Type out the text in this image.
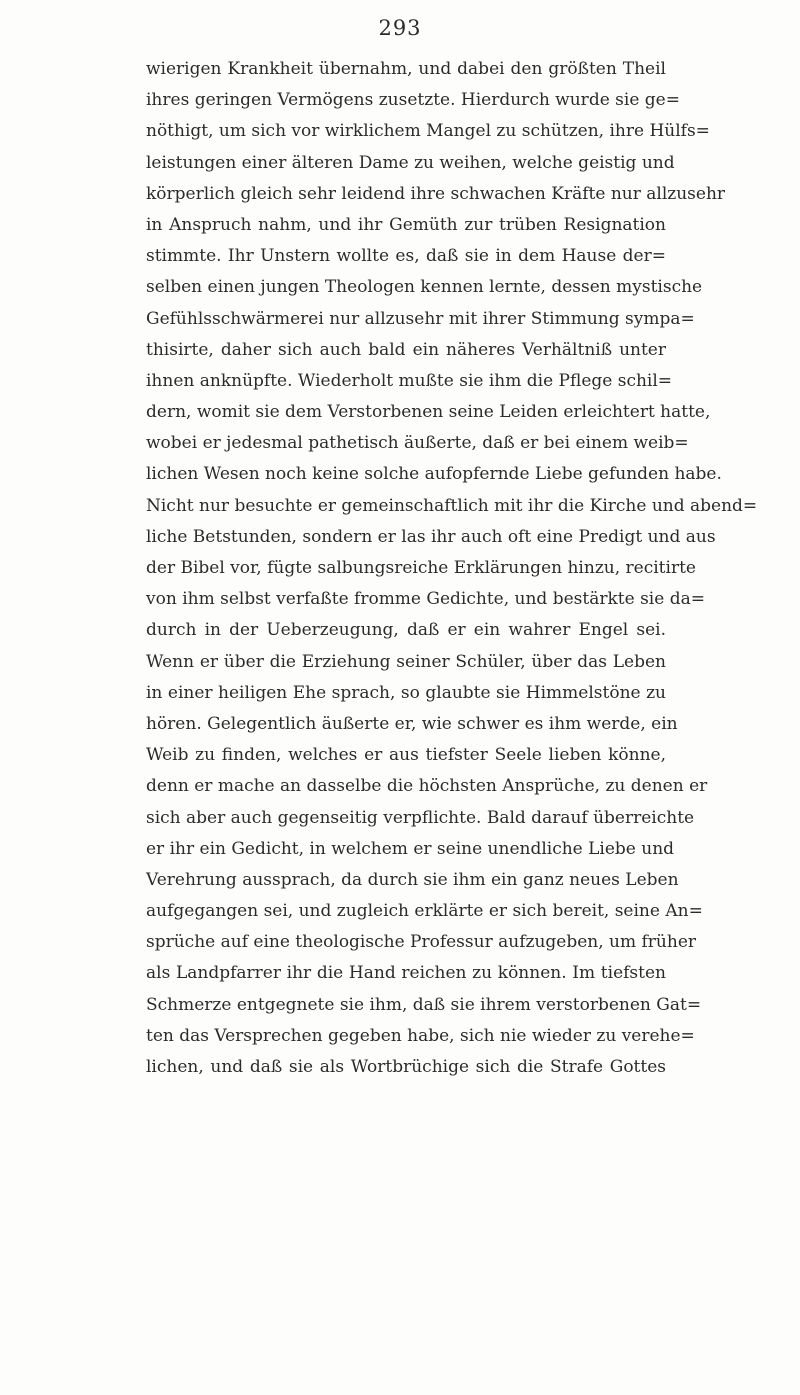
293
wierigen Krankheit übernahm, und dabei den größten Theil
ihres geringen Vermögens zusetzte. Hierdurch wurde sie ge=
nöthigt, um sich vor wirklichem Mangel zu schützen, ihre Hülfs=
leistungen einer älteren Dame zu weihen, welche geistig und
körperlich gleich sehr leidend ihre schwachen Kräfte nur allzusehr
in Anspruch nahm, und ihr Gemüth zur trüben Resignation
stimmte. Ihr Unstern wollte es, daß sie in dem Hause der=
selben einen jungen Theologen kennen lernte, dessen mystische
Gefühlsschwärmerei nur allzusehr mit ihrer Stimmung sympa=
thisirte, daher sich auch bald ein näheres Verhältniß unter
ihnen anknüpfte. Wiederholt mußte sie ihm die Pflege schil=
dern, womit sie dem Verstorbenen seine Leiden erleichtert hatte,
wobei er jedesmal pathetisch äußerte, daß er bei einem weib=
lichen Wesen noch keine solche aufopfernde Liebe gefunden habe.
Nicht nur besuchte er gemeinschaftlich mit ihr die Kirche und abend=
liche Betstunden, sondern er las ihr auch oft eine Predigt und aus
der Bibel vor, fügte salbungsreiche Erklärungen hinzu, recitirte
von ihm selbst verfaßte fromme Gedichte, und bestärkte sie da=
durch in der Ueberzeugung, daß er ein wahrer Engel sei.
Wenn er über die Erziehung seiner Schüler, über das Leben
in einer heiligen Ehe sprach, so glaubte sie Himmelstöne zu
hören. Gelegentlich äußerte er, wie schwer es ihm werde, ein
Weib zu finden, welches er aus tiefster Seele lieben könne,
denn er mache an dasselbe die höchsten Ansprüche, zu denen er
sich aber auch gegenseitig verpflichte. Bald darauf überreichte
er ihr ein Gedicht, in welchem er seine unendliche Liebe und
Verehrung aussprach, da durch sie ihm ein ganz neues Leben
aufgegangen sei, und zugleich erklärte er sich bereit, seine An=
sprüche auf eine theologische Professur aufzugeben, um früher
als Landpfarrer ihr die Hand reichen zu können. Im tiefsten
Schmerze entgegnete sie ihm, daß sie ihrem verstorbenen Gat=
ten das Versprechen gegeben habe, sich nie wieder zu verehe=
lichen, und daß sie als Wortbrüchige sich die Strafe Gottes
